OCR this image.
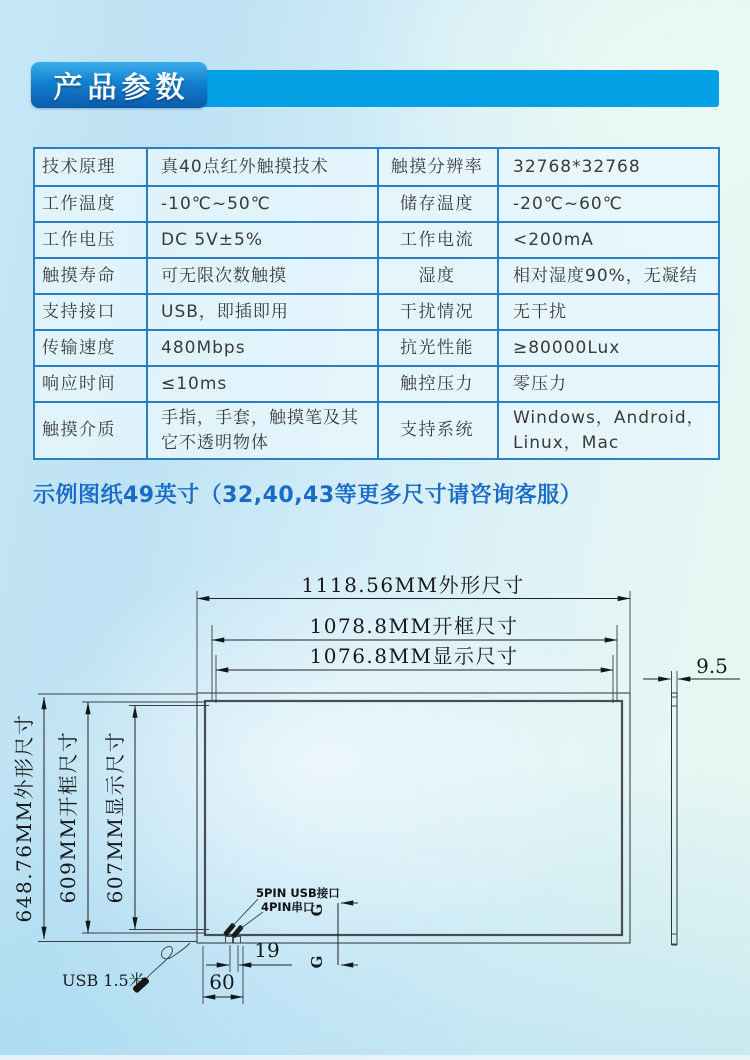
产品参数
技术原理	真40点红外触摸技术	触摸分辨率	32768*32768
工作温度	-10℃~50℃	储存温度	-20℃~60℃
工作电压	DC 5V±5%	工作电流	<200mA
触摸寿命	可无限次数触摸	湿度	相对湿度90%，无凝结
支持接口	USB，即插即用	干扰情况	无干扰
传输速度	480Mbps	抗光性能	≥80000Lux
响应时间	≤10ms	触控压力	零压力
触摸介质	手指，手套，触摸笔及其它不透明物体	支持系统	Windows，Android，Linux，Mac
示例图纸49英寸（32,40,43等更多尺寸请咨询客服）
1118.56MM外形尺寸
1078.8MM开框尺寸
1076.8MM显示尺寸
648.76MM外形尺寸 609MM开框尺寸 607MM显示尺寸
9.5
5PIN USB接口
4PIN串口
19
60
G
G
USB 1.5米
